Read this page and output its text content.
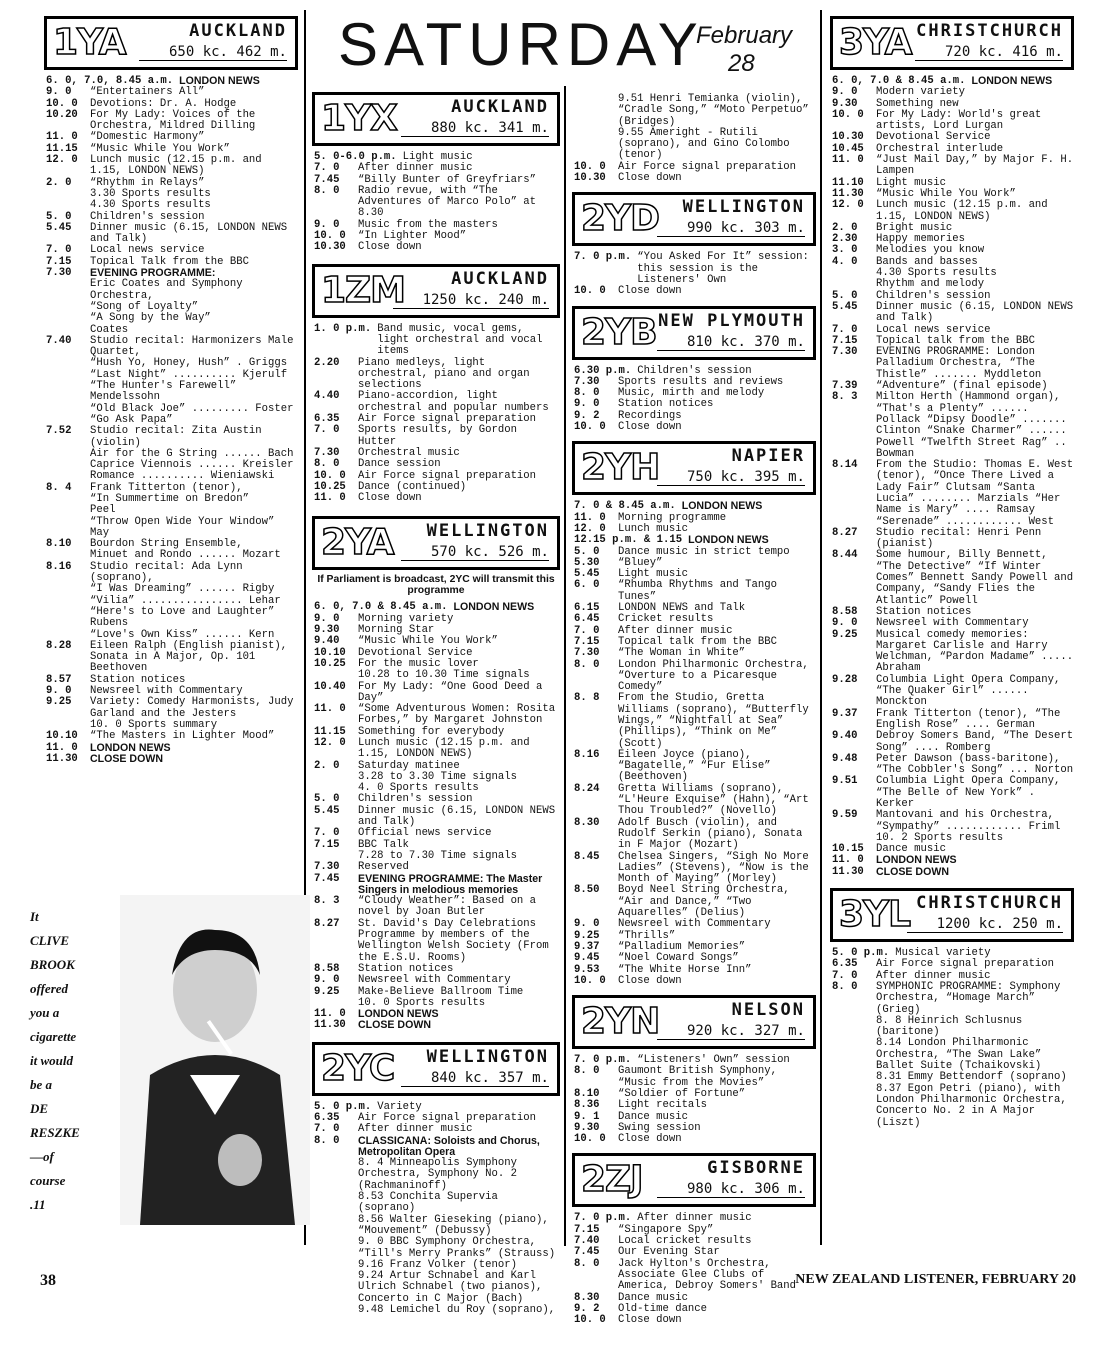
SATURDAY
February
28
1YA	AUCKLAND
650 kc. 462 m.
6. 0, 7.0, 8.45 a.m. LONDON NEWS
9. 0	“Entertainers All”
10. 0	Devotions: Dr. A. Hodge
10.20	For My Lady: Voices of the Orchestra, Mildred Dilling
11. 0	“Domestic Harmony”
11.15	“Music While You Work”
12. 0	Lunch music (12.15 p.m. and 1.15, LONDON NEWS)
2. 0	“Rhythm in Relays”
3.30 Sports results
4.30 Sports results
5. 0	Children's session
5.45	Dinner music (6.15, LONDON NEWS and Talk)
7. 0	Local news service
7.15	Topical Talk from the BBC
7.30	EVENING PROGRAMME:
Eric Coates and Symphony Orchestra,
“Song of Loyalty”
“A Song by the Way”
Coates
7.40	Studio recital: Harmonizers Male Quartet,
“Hush Yo, Honey, Hush” . Griggs
“Last Night” .......... Kjerulf
“The Hunter's Farewell”
Mendelssohn
“Old Black Joe” ......... Foster
“Go Ask Papa”
7.52	Studio recital: Zita Austin (violin)
Air for the G String ...... Bach
Caprice Viennois ...... Kreisler
Romance .......... Wieniawski
8. 4	Frank Titterton (tenor),
“In Summertime on Bredon”
Peel
“Throw Open Wide Your Window”
May
8.10	Bourdon String Ensemble,
Minuet and Rondo ...... Mozart
8.16	Studio recital: Ada Lynn (soprano),
“I Was Dreaming” ...... Rigby
“Vilia” ................ Lehar
“Here's to Love and Laughter”
Rubens
“Love's Own Kiss” ...... Kern
8.28	Eileen Ralph (English pianist), Sonata in A Major, Op. 101
Beethoven
8.57	Station notices
9. 0	Newsreel with Commentary
9.25	Variety: Comedy Harmonists, Judy Garland and the Jesters
10. 0 Sports summary
10.10	“The Masters in Lighter Mood”
11. 0	LONDON NEWS
11.30	CLOSE DOWN
1YX	AUCKLAND
880 kc. 341 m.
5. 0-6.0 p.m. Light music
7. 0	After dinner music
7.45	“Billy Bunter of Greyfriars”
8. 0	Radio revue, with “The Adventures of Marco Polo” at 8.30
9. 0	Music from the masters
10. 0	“In Lighter Mood”
10.30	Close down
1ZM	AUCKLAND
1250 kc. 240 m.
1. 0 p.m. Band music, vocal gems, light orchestral and vocal items
2.20	Piano medleys, light orchestral, piano and organ selections
4.40	Piano-accordion, light orchestral and popular numbers
6.35	Air Force signal preparation
7. 0	Sports results, by Gordon Hutter
7.30	Orchestral music
8. 0	Dance session
10. 0	Air Force signal preparation
10.25	Dance (continued)
11. 0	Close down
2YA WELLINGTON
570 kc. 526 m.
If Parliament is broadcast, 2YC will transmit this programme
6. 0, 7.0 & 8.45 a.m. LONDON NEWS
9. 0	Morning variety
9.30	Morning Star
9.40	“Music While You Work”
10.10	Devotional Service
10.25	For the music lover
10.28 to 10.30 Time signals
10.40	For My Lady: “One Good Deed a Day”
11. 0	“Some Adventurous Women: Rosita Forbes,” by Margaret Johnston
11.15	Something for everybody
12. 0	Lunch music (12.15 p.m. and 1.15, LONDON NEWS)
2. 0	Saturday matinee
3.28 to 3.30 Time signals
4. 0 Sports results
5. 0	Children's session
5.45	Dinner music (6.15, LONDON NEWS and Talk)
7. 0	Official news service
7.15	BBC Talk
7.28 to 7.30 Time signals
7.30	Reserved
7.45	EVENING PROGRAMME: The Master Singers in melodious memories
8. 3	“Cloudy Weather”: Based on a novel by Joan Butler
8.27	St. David's Day Celebrations Programme by members of the Wellington Welsh Society (From the E.S.U. Rooms)
8.58	Station notices
9. 0	Newsreel with Commentary
9.25	Make-Believe Ballroom Time
10. 0 Sports results
11. 0	LONDON NEWS
11.30	CLOSE DOWN
2YC WELLINGTON
840 kc. 357 m.
5. 0 p.m. Variety
6.35	Air Force signal preparation
7. 0	After dinner music
8. 0	CLASSICANA: Soloists and Chorus, Metropolitan Opera
8. 4 Minneapolis Symphony Orchestra, Symphony No. 2 (Rachmaninoff)
8.53 Conchita Supervia (soprano)
8.56 Walter Gieseking (piano), “Mouvement” (Debussy)
9. 0 BBC Symphony Orchestra, “Till's Merry Pranks” (Strauss)
9.16 Franz Volker (tenor)
9.24 Artur Schnabel and Karl Ulrich Schnabel (two pianos), Concerto in C Major (Bach)
9.48 Lemichel du Roy (soprano),
9.51 Henri Temianka (violin), “Cradle Song,” “Moto Perpetuo” (Bridges)
9.55 Ameright - Rutili (soprano), and Gino Colombo (tenor)
10. 0	Air Force signal preparation
10.30	Close down
2YD WELLINGTON
990 kc. 303 m.
7. 0 p.m. “You Asked For It” session: this session is the Listeners' Own
10. 0	Close down
2YB NEW PLYMOUTH
810 kc. 370 m.
6.30 p.m. Children's session
7.30	Sports results and reviews
8. 0	Music, mirth and melody
9. 0	Station notices
9. 2	Recordings
10. 0	Close down
2YH	NAPIER
750 kc. 395 m.
7. 0 & 8.45 a.m. LONDON NEWS
11. 0	Morning programme
12. 0	Lunch music
12.15 p.m. & 1.15 LONDON NEWS
5. 0	Dance music in strict tempo
5.30	“Bluey”
5.45	Light music
6. 0	“Rhumba Rhythms and Tango Tunes”
6.15	LONDON NEWS and Talk
6.45	Cricket results
7. 0	After dinner music
7.15	Topical talk from the BBC
7.30	“The Woman in White”
8. 0	London Philharmonic Orchestra, “Overture to a Picaresque Comedy”
8. 8	From the Studio, Gretta Williams (soprano), “Butterfly Wings,” “Nightfall at Sea” (Phillips), “Think on Me” (Scott)
8.16	Eileen Joyce (piano), “Bagatelle,” “Fur Elise” (Beethoven)
8.24	Gretta Williams (soprano), “L'Heure Exquise” (Hahn), “Art Thou Troubled?” (Novello)
8.30	Adolf Busch (violin), and Rudolf Serkin (piano), Sonata in F Major (Mozart)
8.45	Chelsea Singers, “Sigh No More Ladies” (Stevens), “Now is the Month of Maying” (Morley)
8.50	Boyd Neel String Orchestra, “Air and Dance,” “Two Aquarelles” (Delius)
9. 0	Newsreel with Commentary
9.25	“Thrills”
9.37	“Palladium Memories”
9.45	“Noel Coward Songs”
9.53	“The White Horse Inn”
10. 0	Close down
2YN	NELSON
920 kc. 327 m.
7. 0 p.m. “Listeners' Own” session
8. 0	Gaumont British Symphony, “Music from the Movies”
8.10	“Soldier of Fortune”
8.36	Light recitals
9. 1	Dance music
9.30	Swing session
10. 0	Close down
2ZJ	GISBORNE
980 kc. 306 m.
7. 0 p.m. After dinner music
7.15	“Singapore Spy”
7.40	Local cricket results
7.45	Our Evening Star
8. 0	Jack Hylton's Orchestra, Associate Glee Clubs of America, Debroy Somers' Band
8.30	Dance music
9. 2	Old-time dance
10. 0	Close down
3YA CHRISTCHURCH
720 kc. 416 m.
6. 0, 7.0 & 8.45 a.m. LONDON NEWS
9. 0	Modern variety
9.30	Something new
10. 0	For My Lady: World's great artists, Lord Lurgan
10.30	Devotional Service
10.45	Orchestral interlude
11. 0	“Just Mail Day,” by Major F. H. Lampen
11.10	Light music
11.30	“Music While You Work”
12. 0	Lunch music (12.15 p.m. and 1.15, LONDON NEWS)
2. 0	Bright music
2.30	Happy memories
3. 0	Melodies you know
4. 0	Bands and basses
4.30 Sports results
Rhythm and melody
5. 0	Children's session
5.45	Dinner music (6.15, LONDON NEWS and Talk)
7. 0	Local news service
7.15	Topical talk from the BBC
7.30	EVENING PROGRAMME: London Palladium Orchestra, “The Thistle” ....... Myddleton
7.39	“Adventure” (final episode)
8. 3	Milton Herth (Hammond organ), “That's a Plenty” ...... Pollack “Dipsy Doodle” ....... Clinton “Snake Charmer” ...... Powell “Twelfth Street Rag” .. Bowman
8.14	From the Studio: Thomas E. West (tenor), “Once There Lived a Lady Fair” Clutsam “Santa Lucia” ........ Marzials “Her Name is Mary” .... Ramsay “Serenade” ............ West
8.27	Studio recital: Henri Penn (pianist)
8.44	Some humour, Billy Bennett, “The Detective” “If Winter Comes” Bennett Sandy Powell and Company, “Sandy Flies the Atlantic” Powell
8.58	Station notices
9. 0	Newsreel with Commentary
9.25	Musical comedy memories: Margaret Carlisle and Harry Welchman, “Pardon Madame” ..... Abraham
9.28	Columbia Light Opera Company, “The Quaker Girl” ...... Monckton
9.37	Frank Titterton (tenor), “The English Rose” .... German
9.40	Debroy Somers Band, “The Desert Song” .... Romberg
9.48	Peter Dawson (bass-baritone), “The Cobbler's Song” ... Norton
9.51	Columbia Light Opera Company, “The Belle of New York” . Kerker
9.59	Mantovani and his Orchestra, “Sympathy” ............ Friml
10. 2 Sports results
10.15	Dance music
11. 0	LONDON NEWS
11.30	CLOSE DOWN
3YL CHRISTCHURCH
1200 kc. 250 m.
5. 0 p.m. Musical variety
6.35	Air Force signal preparation
7. 0	After dinner music
8. 0	SYMPHONIC PROGRAMME: Symphony Orchestra, “Homage March” (Grieg)
8. 8 Heinrich Schlusnus (baritone)
8.14 London Philharmonic Orchestra, “The Swan Lake” Ballet Suite (Tchaikovski)
8.31 Emmy Bettendorf (soprano)
8.37 Egon Petri (piano), with London Philharmonic Orchestra, Concerto No. 2 in A Major (Liszt)
It
CLIVE
BROOK
offered
you a
cigarette
it would
be a
DE
RESZKE
—of
course
.11
38	NEW ZEALAND LISTENER, FEBRUARY 20
